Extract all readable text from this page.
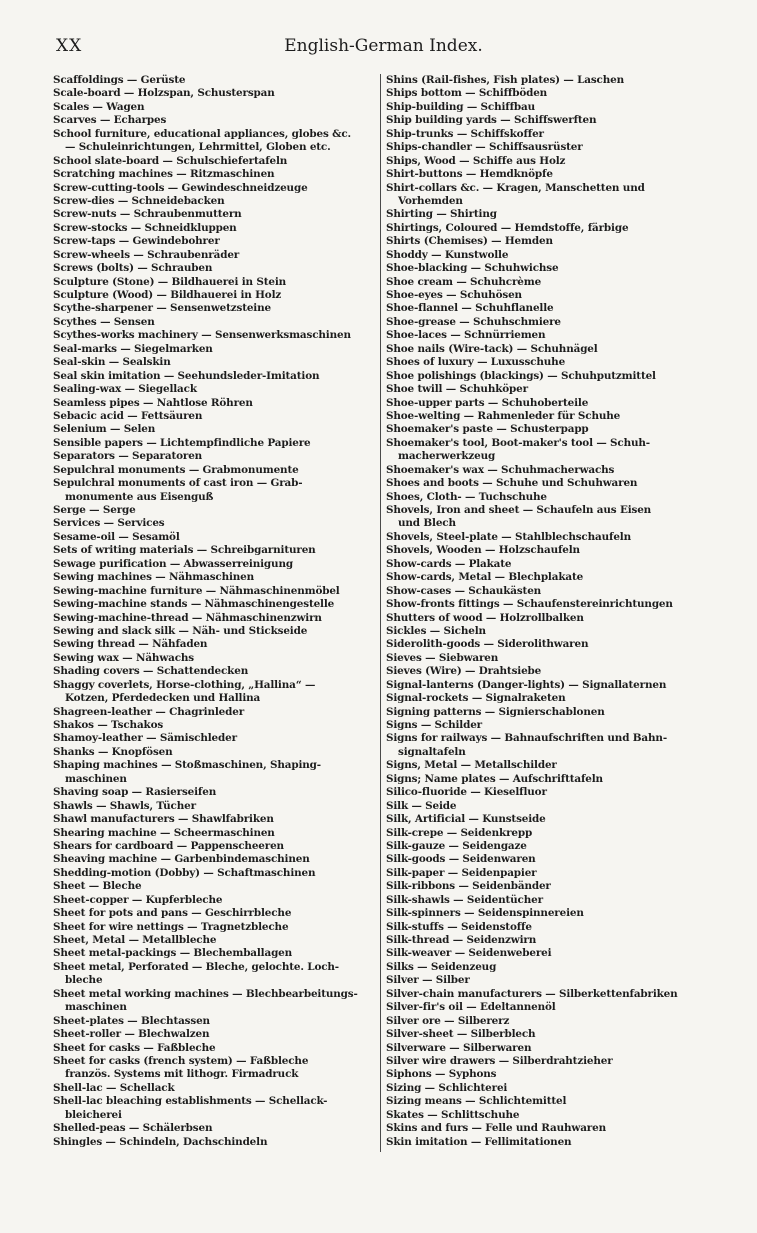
XX	English-German Index.
Scaffoldings — Gerüste
Scale-board — Holzspan, Schusterspan
Scales — Wagen
Scarves — Echarpes
School furniture, educational appliances, globes &c.
— Schuleinrichtungen, Lehrmittel, Globen etc.
School slate-board — Schulschiefertafeln
Scratching machines — Ritzmaschinen
Screw-cutting-tools — Gewindeschneidzeuge
Screw-dies — Schneidebacken
Screw-nuts — Schraubenmuttern
Screw-stocks — Schneidkluppen
Screw-taps — Gewindebohrer
Screw-wheels — Schraubenräder
Screws (bolts) — Schrauben
Sculpture (Stone) — Bildhauerei in Stein
Sculpture (Wood) — Bildhauerei in Holz
Scythe-sharpener — Sensenwetzsteine
Scythes — Sensen
Scythes-works machinery — Sensenwerksmaschinen
Seal-marks — Siegelmarken
Seal-skin — Sealskin
Seal skin imitation — Seehundsleder-Imitation
Sealing-wax — Siegellack
Seamless pipes — Nahtlose Röhren
Sebacic acid — Fettsäuren
Selenium — Selen
Sensible papers — Lichtempfindliche Papiere
Separators — Separatoren
Sepulchral monuments — Grabmonumente
Sepulchral monuments of cast iron — Grab-
monumente aus Eisenguß
Serge — Serge
Services — Services
Sesame-oil — Sesamöl
Sets of writing materials — Schreibgarnituren
Sewage purification — Abwasserreinigung
Sewing machines — Nähmaschinen
Sewing-machine furniture — Nähmaschinenmöbel
Sewing-machine stands — Nähmaschinengestelle
Sewing-machine-thread — Nähmaschinenzwirn
Sewing and slack silk — Näh- und Stickseide
Sewing thread — Nähfaden
Sewing wax — Nähwachs
Shading covers — Schattendecken
Shaggy coverlets, Horse-clothing, „Hallina“ —
Kotzen, Pferdedecken und Hallina
Shagreen-leather — Chagrinleder
Shakos — Tschakos
Shamoy-leather — Sämischleder
Shanks — Knopfösen
Shaping machines — Stoßmaschinen, Shaping-
maschinen
Shaving soap — Rasierseifen
Shawls — Shawls, Tücher
Shawl manufacturers — Shawlfabriken
Shearing machine — Scheermaschinen
Shears for cardboard — Pappenscheeren
Sheaving machine — Garbenbindemaschinen
Shedding-motion (Dobby) — Schaftmaschinen
Sheet — Bleche
Sheet-copper — Kupferbleche
Sheet for pots and pans — Geschirrbleche
Sheet for wire nettings — Tragnetzbleche
Sheet, Metal — Metallbleche
Sheet metal-packings — Blechemballagen
Sheet metal, Perforated — Bleche, gelochte. Loch-
bleche
Sheet metal working machines — Blechbearbeitungs-
maschinen
Sheet-plates — Blechtassen
Sheet-roller — Blechwalzen
Sheet for casks — Faßbleche
Sheet for casks (french system) — Faßbleche
französ. Systems mit lithogr. Firmadruck
Shell-lac — Schellack
Shell-lac bleaching establishments — Schellack-
bleicherei
Shelled-peas — Schälerbsen
Shingles — Schindeln, Dachschindeln
Shins (Rail-fishes, Fish plates) — Laschen
Ships bottom — Schiffböden
Ship-building — Schiffbau
Ship building yards — Schiffswerften
Ship-trunks — Schiffskoffer
Ships-chandler — Schiffsausrüster
Ships, Wood — Schiffe aus Holz
Shirt-buttons — Hemdknöpfe
Shirt-collars &c. — Kragen, Manschetten und
Vorhemden
Shirting — Shirting
Shirtings, Coloured — Hemdstoffe, färbige
Shirts (Chemises) — Hemden
Shoddy — Kunstwolle
Shoe-blacking — Schuhwichse
Shoe cream — Schuhcrème
Shoe-eyes — Schuhösen
Shoe-flannel — Schuhflanelle
Shoe-grease — Schuhschmiere
Shoe-laces — Schnürriemen
Shoe nails (Wire-tack) — Schuhnägel
Shoes of luxury — Luxusschuhe
Shoe polishings (blackings) — Schuhputzmittel
Shoe twill — Schuhköper
Shoe-upper parts — Schuhoberteile
Shoe-welting — Rahmenleder für Schuhe
Shoemaker's paste — Schusterpapp
Shoemaker's tool, Boot-maker's tool — Schuh-
macherwerkzeug
Shoemaker's wax — Schuhmacherwachs
Shoes and boots — Schuhe und Schuhwaren
Shoes, Cloth- — Tuchschuhe
Shovels, Iron and sheet — Schaufeln aus Eisen
und Blech
Shovels, Steel-plate — Stahlblechschaufeln
Shovels, Wooden — Holzschaufeln
Show-cards — Plakate
Show-cards, Metal — Blechplakate
Show-cases — Schaukästen
Show-fronts fittings — Schaufenstereinrichtungen
Shutters of wood — Holzrollbalken
Sickles — Sicheln
Siderolith-goods — Siderolithwaren
Sieves — Siebwaren
Sieves (Wire) — Drahtsiebe
Signal-lanterns (Danger-lights) — Signallaternen
Signal-rockets — Signalraketen
Signing patterns — Signierschablonen
Signs — Schilder
Signs for railways — Bahnaufschriften und Bahn-
signaltafeln
Signs, Metal — Metallschilder
Signs; Name plates — Aufschrifttafeln
Silico-fluoride — Kieselfluor
Silk — Seide
Silk, Artificial — Kunstseide
Silk-crepe — Seidenkrepp
Silk-gauze — Seidengaze
Silk-goods — Seidenwaren
Silk-paper — Seidenpapier
Silk-ribbons — Seidenbänder
Silk-shawls — Seidentücher
Silk-spinners — Seidenspinnereien
Silk-stuffs — Seidenstoffe
Silk-thread — Seidenzwirn
Silk-weaver — Seidenweberei
Silks — Seidenzeug
Silver — Silber
Silver-chain manufacturers — Silberkettenfabriken
Silver-fir's oil — Edeltannenöl
Silver ore — Silbererz
Silver-sheet — Silberblech
Silverware — Silberwaren
Silver wire drawers — Silberdrahtzieher
Siphons — Syphons
Sizing — Schlichterei
Sizing means — Schlichtemittel
Skates — Schlittschuhe
Skins and furs — Felle und Rauhwaren
Skin imitation — Fellimitationen
